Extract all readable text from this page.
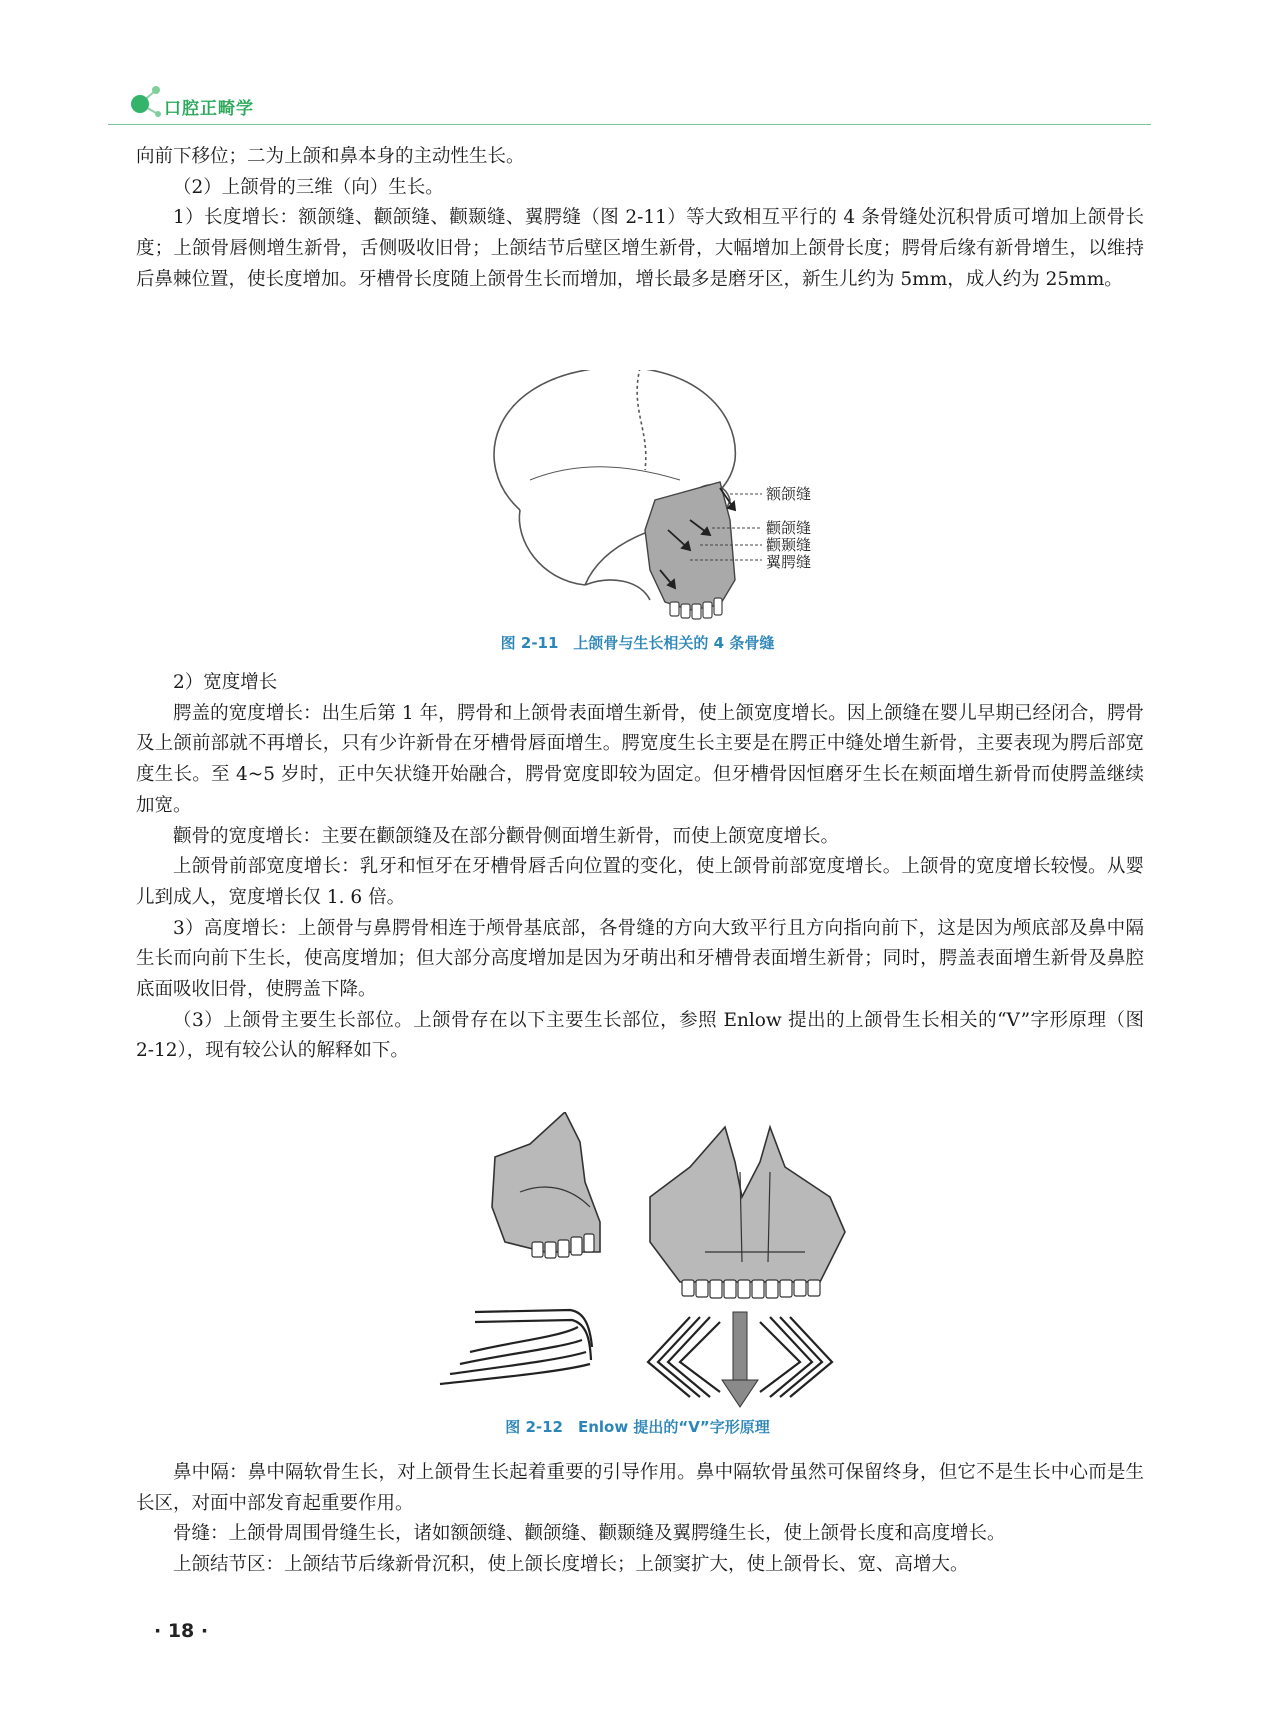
口腔正畸学

向前下移位；二为上颌和鼻本身的主动性生长。

（2）上颌骨的三维（向）生长。

1）长度增长：额颌缝、颧颌缝、颧颞缝、翼腭缝（图 2-11）等大致相互平行的 4 条骨缝处沉积骨质可增加上颌骨长度；上颌骨唇侧增生新骨，舌侧吸收旧骨；上颌结节后壁区增生新骨，大幅增加上颌骨长度；腭骨后缘有新骨增生，以维持后鼻棘位置，使长度增加。牙槽骨长度随上颌骨生长而增加，增长最多是磨牙区，新生儿约为 5mm，成人约为 25mm。

额颌缝
颧颌缝
颧颞缝
翼腭缝
图 2-11　上颌骨与生长相关的 4 条骨缝

2）宽度增长

腭盖的宽度增长：出生后第 1 年，腭骨和上颌骨表面增生新骨，使上颌宽度增长。因上颌缝在婴儿早期已经闭合，腭骨及上颌前部就不再增长，只有少许新骨在牙槽骨唇面增生。腭宽度生长主要是在腭正中缝处增生新骨，主要表现为腭后部宽度生长。至 4~5 岁时，正中矢状缝开始融合，腭骨宽度即较为固定。但牙槽骨因恒磨牙生长在颊面增生新骨而使腭盖继续加宽。

颧骨的宽度增长：主要在颧颌缝及在部分颧骨侧面增生新骨，而使上颌宽度增长。

上颌骨前部宽度增长：乳牙和恒牙在牙槽骨唇舌向位置的变化，使上颌骨前部宽度增长。上颌骨的宽度增长较慢。从婴儿到成人，宽度增长仅 1. 6 倍。

3）高度增长：上颌骨与鼻腭骨相连于颅骨基底部，各骨缝的方向大致平行且方向指向前下，这是因为颅底部及鼻中隔生长而向前下生长，使高度增加；但大部分高度增加是因为牙萌出和牙槽骨表面增生新骨；同时，腭盖表面增生新骨及鼻腔底面吸收旧骨，使腭盖下降。

（3）上颌骨主要生长部位。上颌骨存在以下主要生长部位，参照 Enlow 提出的上颌骨生长相关的“V”字形原理（图 2-12），现有较公认的解释如下。

图 2-12　Enlow 提出的“V”字形原理

鼻中隔：鼻中隔软骨生长，对上颌骨生长起着重要的引导作用。鼻中隔软骨虽然可保留终身，但它不是生长中心而是生长区，对面中部发育起重要作用。

骨缝：上颌骨周围骨缝生长，诸如额颌缝、颧颌缝、颧颞缝及翼腭缝生长，使上颌骨长度和高度增长。

上颌结节区：上颌结节后缘新骨沉积，使上颌长度增长；上颌窦扩大，使上颌骨长、宽、高增大。

· 18 ·
